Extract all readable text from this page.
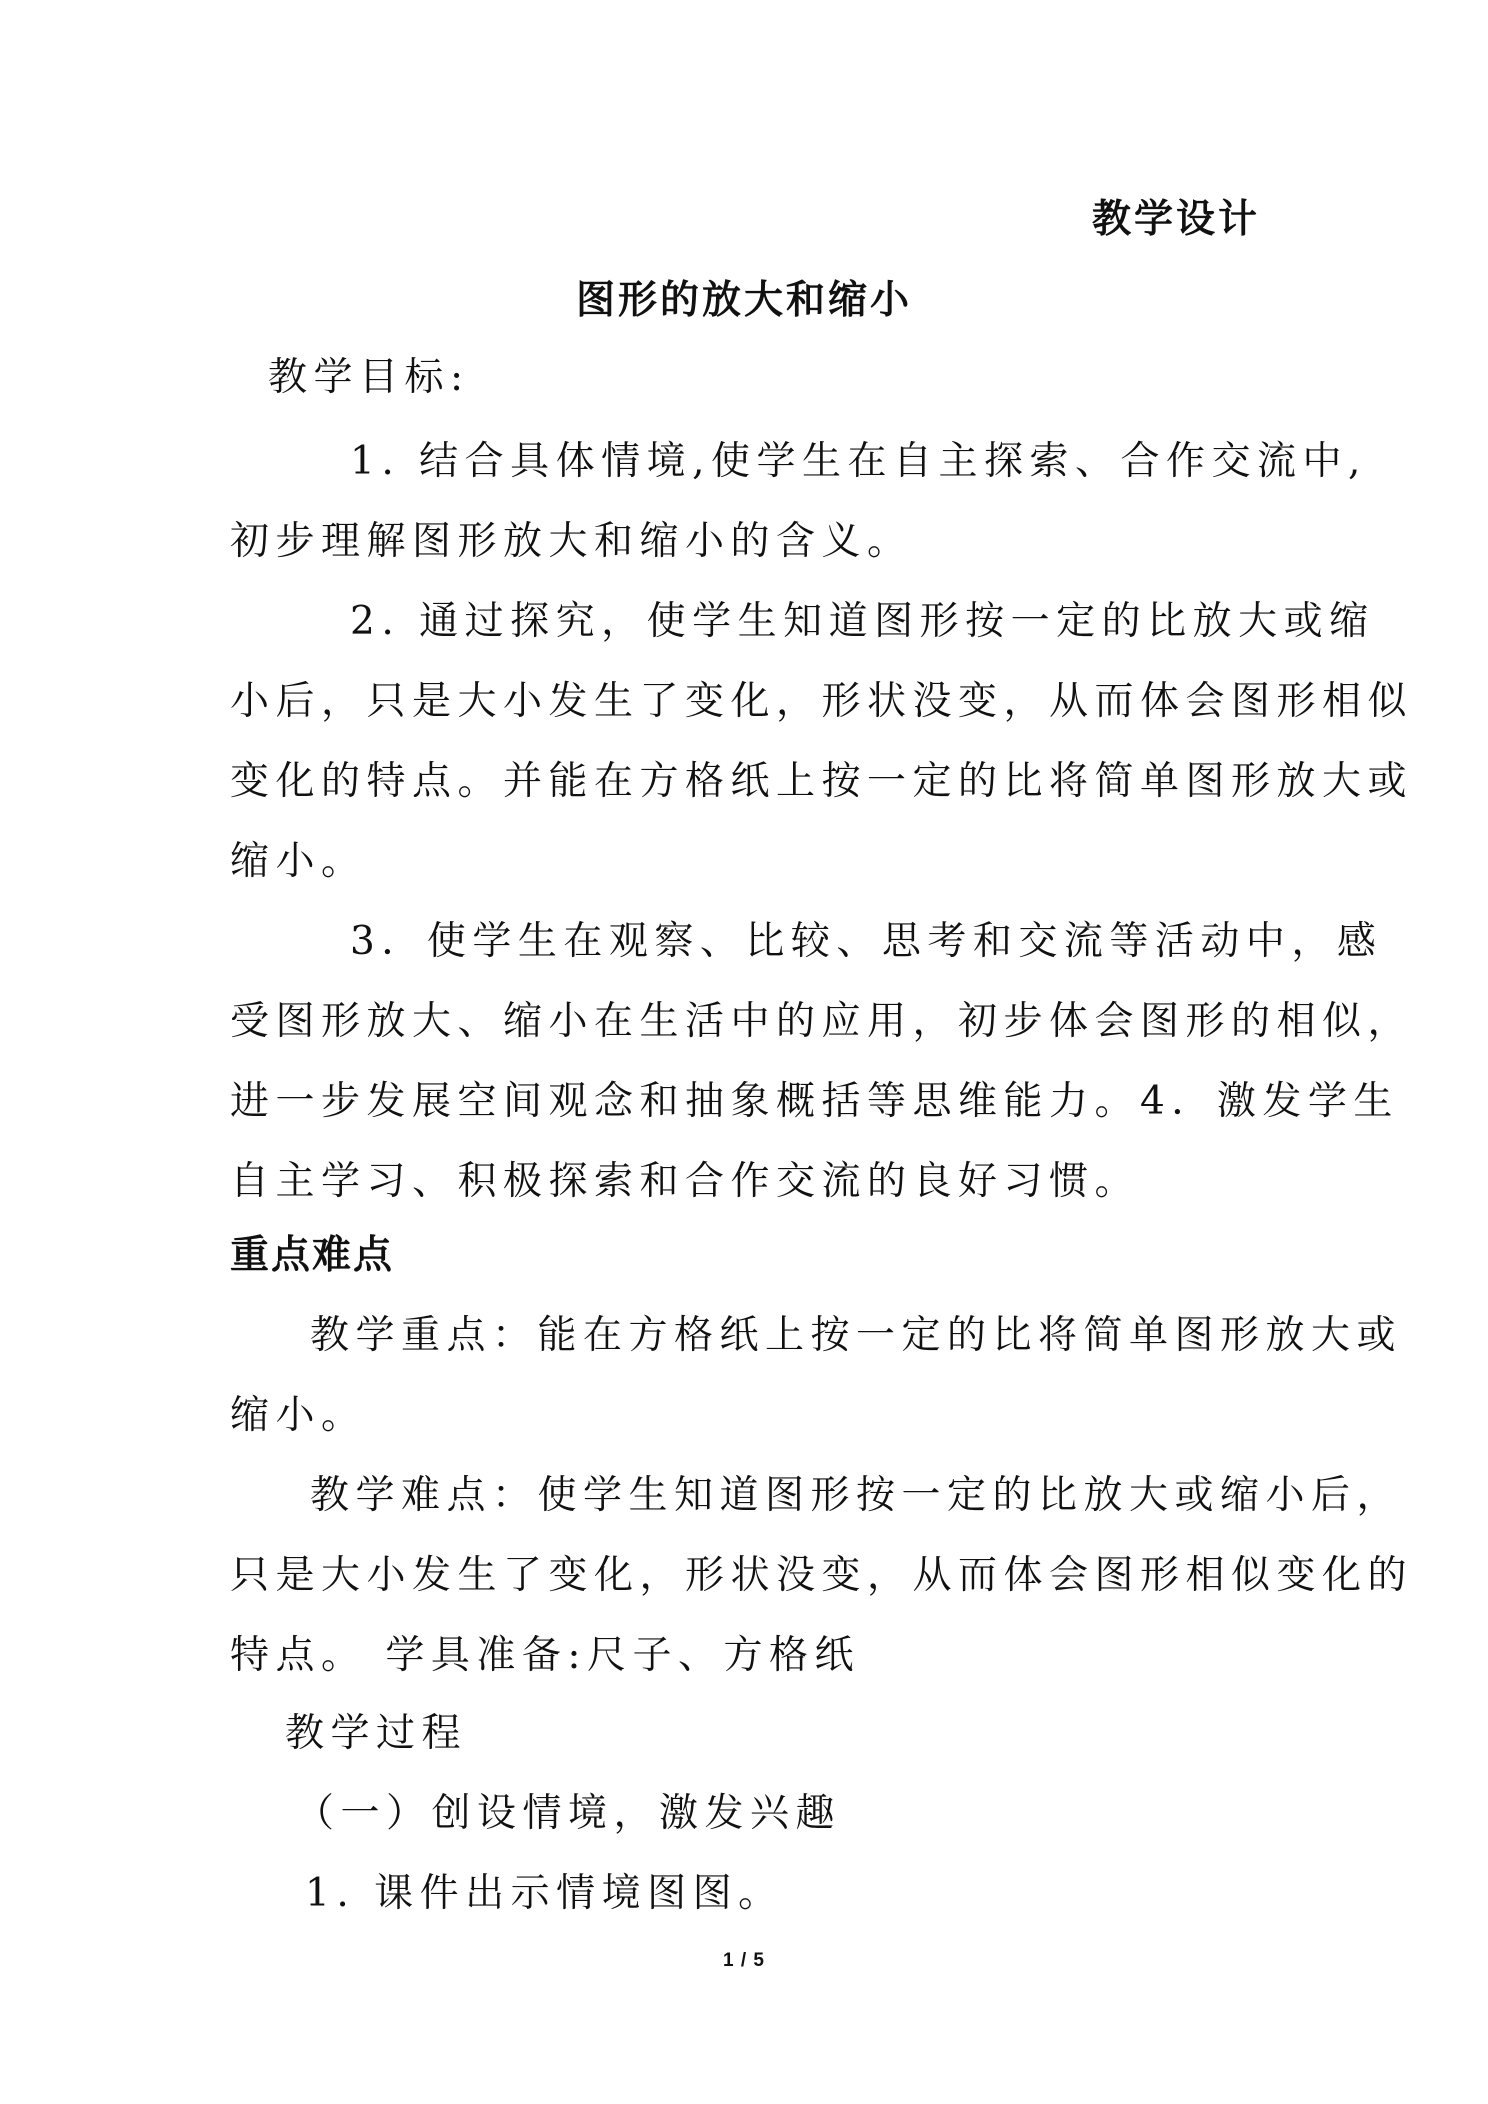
教学设计
图形的放大和缩小
教学目标:
1. 结合具体情境,使学生在自主探索、合作交流中,
初步理解图形放大和缩小的含义。
2. 通过探究，使学生知道图形按一定的比放大或缩
小后，只是大小发生了变化，形状没变，从而体会图形相似
变化的特点。并能在方格纸上按一定的比将简单图形放大或
缩小。
3．使学生在观察、比较、思考和交流等活动中，感
受图形放大、缩小在生活中的应用，初步体会图形的相似，
进一步发展空间观念和抽象概括等思维能力。4．激发学生
自主学习、积极探索和合作交流的良好习惯。
重点难点
教学重点：能在方格纸上按一定的比将简单图形放大或
缩小。
教学难点：使学生知道图形按一定的比放大或缩小后，
只是大小发生了变化，形状没变，从而体会图形相似变化的
特点。 学具准备:尺子、方格纸
教学过程
（一）创设情境，激发兴趣
1. 课件出示情境图图。
1 / 5
